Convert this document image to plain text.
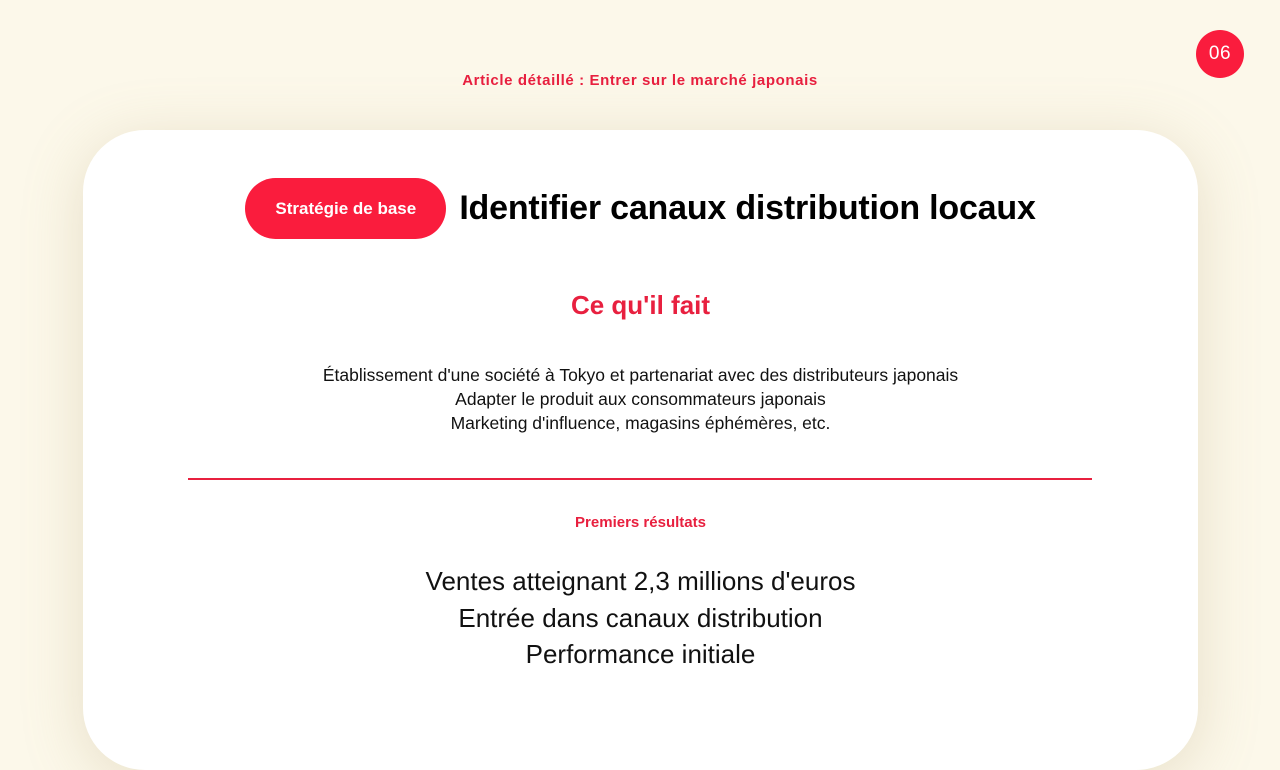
06
Article détaillé : Entrer sur le marché japonais
Stratégie de base Identifier canaux distribution locaux
Ce qu'il fait
Établissement d'une société à Tokyo et partenariat avec des distributeurs japonais
Adapter le produit aux consommateurs japonais
Marketing d'influence, magasins éphémères, etc.
Premiers résultats
Ventes atteignant 2,3 millions d'euros
Entrée dans canaux distribution
Performance initiale
